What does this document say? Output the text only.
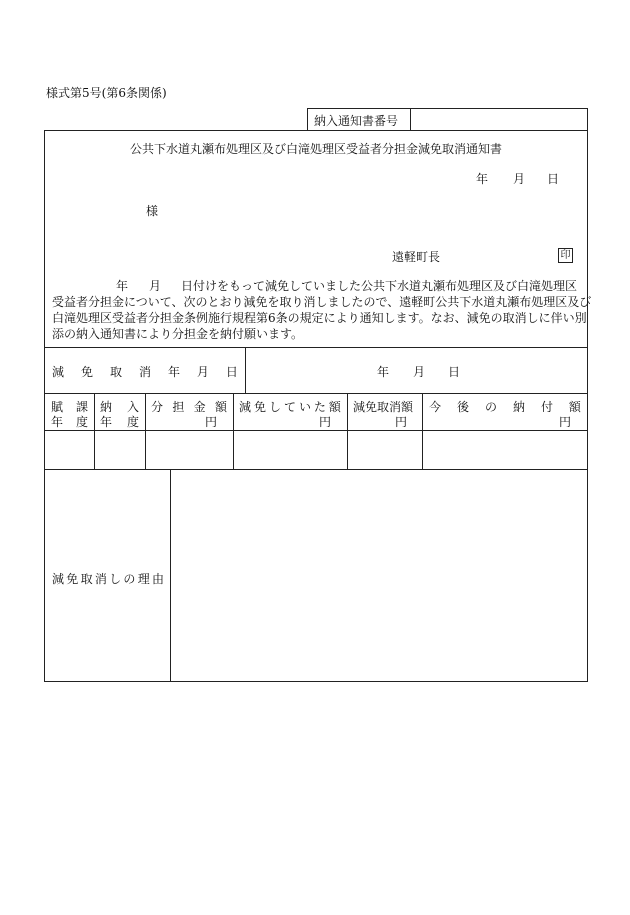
様式第5号(第6条関係)
納入通知書番号
公共下水道丸瀬布処理区及び白滝処理区受益者分担金減免取消通知書
年 月 日
様
遠軽町長	印
年 月 日付けをもって減免していました公共下水道丸瀬布処理区及び白滝処理区
受益者分担金について、次のとおり減免を取り消しましたので、遠軽町公共下水道丸瀬布処理区及び
白滝処理区受益者分担金条例施行規程第6条の規定により通知します。なお、減免の取消しに伴い別
添の納入通知書により分担金を納付願います。
減 免 取 消 年 月 日	年 月 日
賦 課
年 度
納 入
年 度
分 担 金 額
円
減 免 し て い た 額
円
減免取消額
円
今 後 の 納 付 額
円
減 免 取 消 し の 理 由
